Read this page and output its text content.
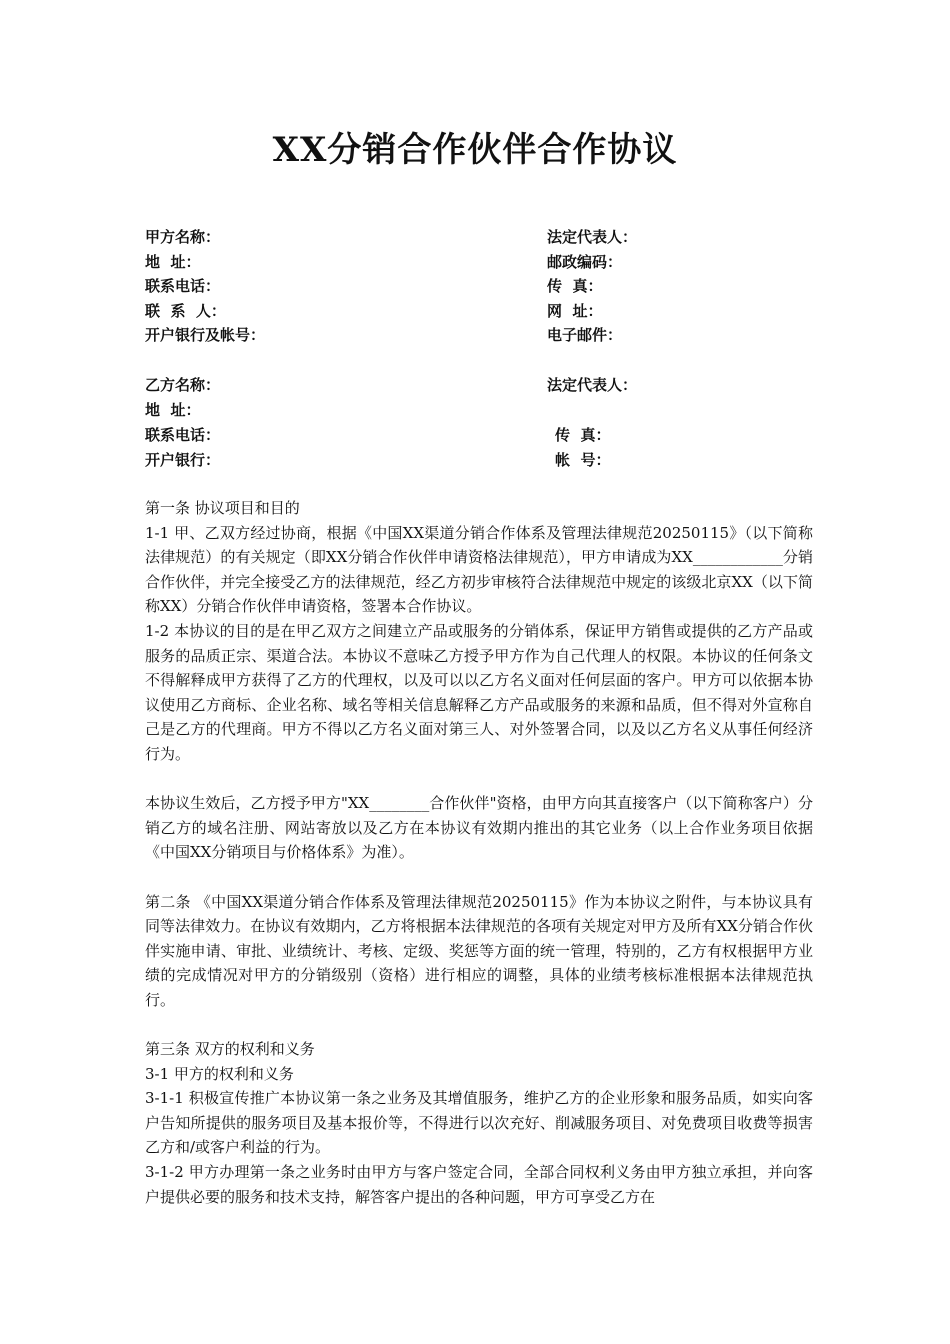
XX分销合作伙伴合作协议
甲方名称：
地  址：
联系电话：
联  系  人：
开户银行及帐号：
法定代表人：
邮政编码：
传  真：
网  址：
电子邮件：
乙方名称：
地  址：
联系电话：
开户银行：
法定代表人：
传  真：
帐  号：

第一条 协议项目和目的

1-1 甲、乙双方经过协商，根据《中国XX渠道分销合作体系及管理法律规范20250115》（以下简称法律规范）的有关规定（即XX分销合作伙伴申请资格法律规范），甲方申请成为XX____________分销合作伙伴，并完全接受乙方的法律规范，经乙方初步审核符合法律规范中规定的该级北京XX（以下简称XX）分销合作伙伴申请资格，签署本合作协议。

1-2 本协议的目的是在甲乙双方之间建立产品或服务的分销体系，保证甲方销售或提供的乙方产品或服务的品质正宗、渠道合法。本协议不意味乙方授予甲方作为自己代理人的权限。本协议的任何条文不得解释成甲方获得了乙方的代理权，以及可以以乙方名义面对任何层面的客户。甲方可以依据本协议使用乙方商标、企业名称、域名等相关信息解释乙方产品或服务的来源和品质，但不得对外宣称自己是乙方的代理商。甲方不得以乙方名义面对第三人、对外签署合同，以及以乙方名义从事任何经济行为。

本协议生效后，乙方授予甲方"XX________合作伙伴"资格，由甲方向其直接客户（以下简称客户）分销乙方的域名注册、网站寄放以及乙方在本协议有效期内推出的其它业务（以上合作业务项目依据《中国XX分销项目与价格体系》为准）。

第二条 《中国XX渠道分销合作体系及管理法律规范20250115》作为本协议之附件，与本协议具有同等法律效力。在协议有效期内，乙方将根据本法律规范的各项有关规定对甲方及所有XX分销合作伙伴实施申请、审批、业绩统计、考核、定级、奖惩等方面的统一管理，特别的，乙方有权根据甲方业绩的完成情况对甲方的分销级别（资格）进行相应的调整，具体的业绩考核标准根据本法律规范执行。

第三条 双方的权利和义务

3-1 甲方的权利和义务

3-1-1 积极宣传推广本协议第一条之业务及其增值服务，维护乙方的企业形象和服务品质，如实向客户告知所提供的服务项目及基本报价等，不得进行以次充好、削减服务项目、对免费项目收费等损害乙方和/或客户利益的行为。

3-1-2 甲方办理第一条之业务时由甲方与客户签定合同，全部合同权利义务由甲方独立承担，并向客户提供必要的服务和技术支持，解答客户提出的各种问题，甲方可享受乙方在
